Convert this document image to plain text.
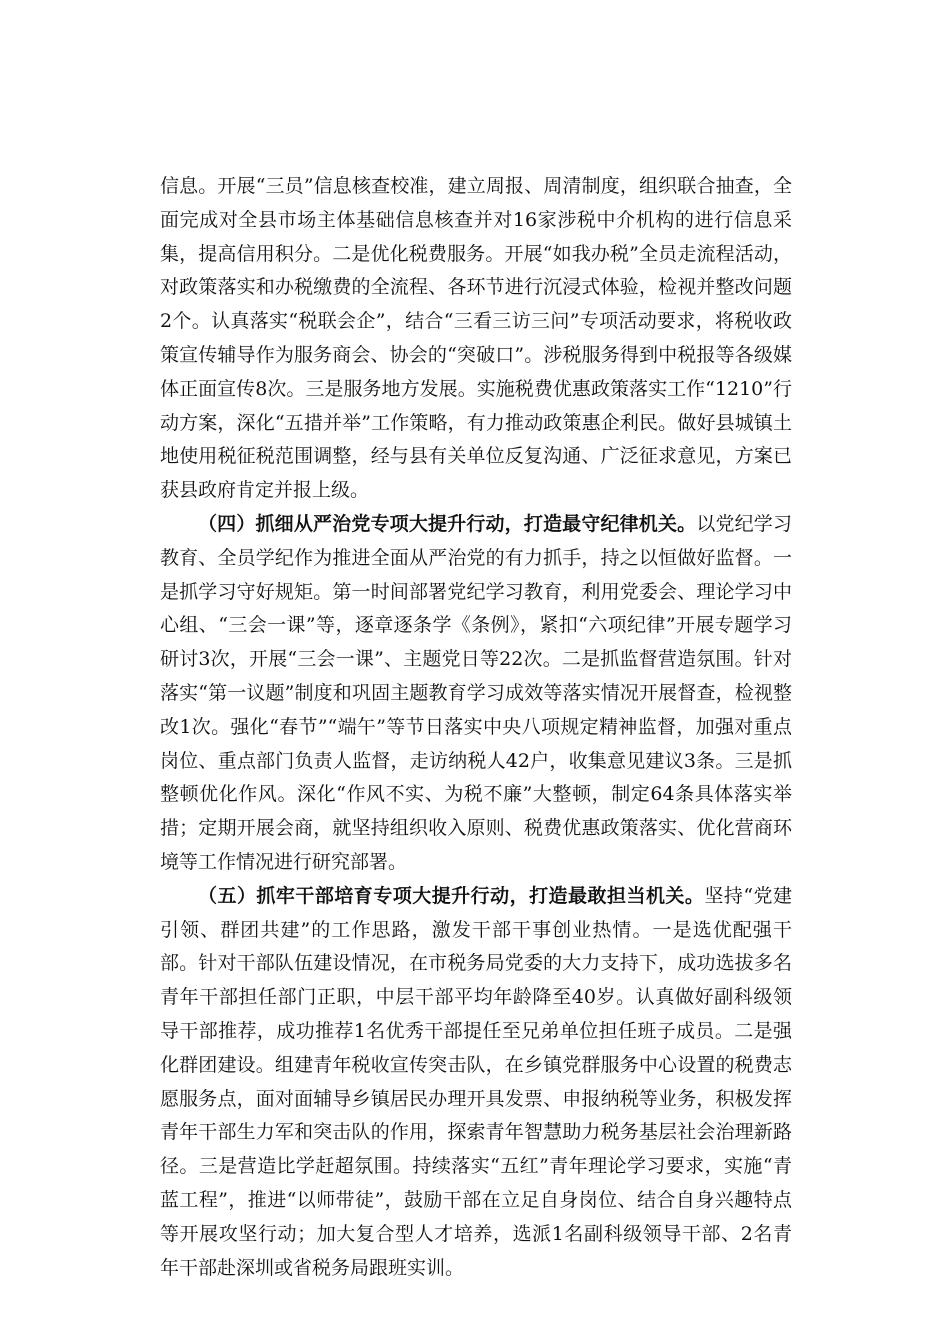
信息。开展“三员”信息核查校准，建立周报、周清制度，组织联合抽查，全面完成对全县市场主体基础信息核查并对16家涉税中介机构的进行信息采集，提高信用积分。二是优化税费服务。开展“如我办税”全员走流程活动，对政策落实和办税缴费的全流程、各环节进行沉浸式体验，检视并整改问题2个。认真落实“税联会企”，结合“三看三访三问”专项活动要求，将税收政策宣传辅导作为服务商会、协会的“突破口”。涉税服务得到中税报等各级媒体正面宣传8次。三是服务地方发展。实施税费优惠政策落实工作“1210”行动方案，深化“五措并举”工作策略，有力推动政策惠企利民。做好县城镇土地使用税征税范围调整，经与县有关单位反复沟通、广泛征求意见，方案已获县政府肯定并报上级。

（四）抓细从严治党专项大提升行动，打造最守纪律机关。以党纪学习教育、全员学纪作为推进全面从严治党的有力抓手，持之以恒做好监督。一是抓学习守好规矩。第一时间部署党纪学习教育，利用党委会、理论学习中心组、“三会一课”等，逐章逐条学《条例》，紧扣“六项纪律”开展专题学习研讨3次，开展“三会一课”、主题党日等22次。二是抓监督营造氛围。针对落实“第一议题”制度和巩固主题教育学习成效等落实情况开展督查，检视整改1次。强化“春节”“端午”等节日落实中央八项规定精神监督，加强对重点岗位、重点部门负责人监督，走访纳税人42户，收集意见建议3条。三是抓整顿优化作风。深化“作风不实、为税不廉”大整顿，制定64条具体落实举措；定期开展会商，就坚持组织收入原则、税费优惠政策落实、优化营商环境等工作情况进行研究部署。

（五）抓牢干部培育专项大提升行动，打造最敢担当机关。坚持“党建引领、群团共建”的工作思路，激发干部干事创业热情。一是选优配强干部。针对干部队伍建设情况，在市税务局党委的大力支持下，成功选拔多名青年干部担任部门正职，中层干部平均年龄降至40岁。认真做好副科级领导干部推荐，成功推荐1名优秀干部提任至兄弟单位担任班子成员。二是强化群团建设。组建青年税收宣传突击队，在乡镇党群服务中心设置的税费志愿服务点，面对面辅导乡镇居民办理开具发票、申报纳税等业务，积极发挥青年干部生力军和突击队的作用，探索青年智慧助力税务基层社会治理新路径。三是营造比学赶超氛围。持续落实“五红”青年理论学习要求，实施“青蓝工程”，推进“以师带徒”，鼓励干部在立足自身岗位、结合自身兴趣特点等开展攻坚行动；加大复合型人才培养，选派1名副科级领导干部、2名青年干部赴深圳或省税务局跟班实训。
